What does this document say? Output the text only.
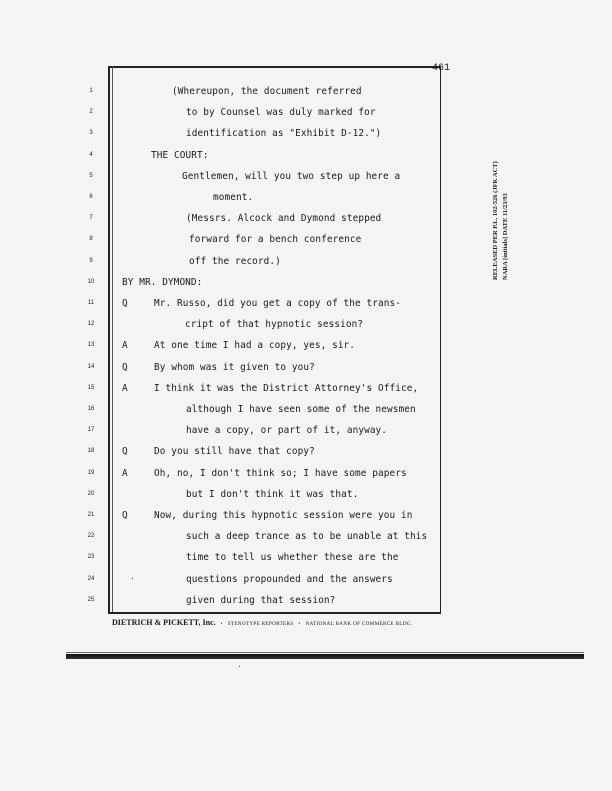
461
1	(Whereupon, the document referred
2	to by Counsel was duly marked for
3	identification as "Exhibit D-12.")
4	THE COURT:
5	Gentlemen, will you two step up here a
6	moment.
7	(Messrs. Alcock and Dymond stepped
8	forward for a bench conference
9	off the record.)
10	BY MR. DYMOND:
11	Q	Mr. Russo, did you get a copy of the trans-
12	cript of that hypnotic session?
13	A	At one time I had a copy, yes, sir.
14	Q	By whom was it given to you?
15	A	I think it was the District Attorney's Office,
16	although I have seen some of the newsmen
17	have a copy, or part of it, anyway.
18	Q	Do you still have that copy?
19	A	Oh, no, I don't think so; I have some papers
20	but I don't think it was that.
21	Q	Now, during this hypnotic session were you in
22	such a deep trance as to be unable at this
23	time to tell us whether these are the
24	questions propounded and the answers
25	given during that session?
DIETRICH & PICKETT, Inc. • STENOTYPE REPORTERS • NATIONAL BANK OF COMMERCE BLDG.
RELEASED PER P.L. 102-526 (JFK ACT) NARA [initials] DATE 11/23/93
·
·
